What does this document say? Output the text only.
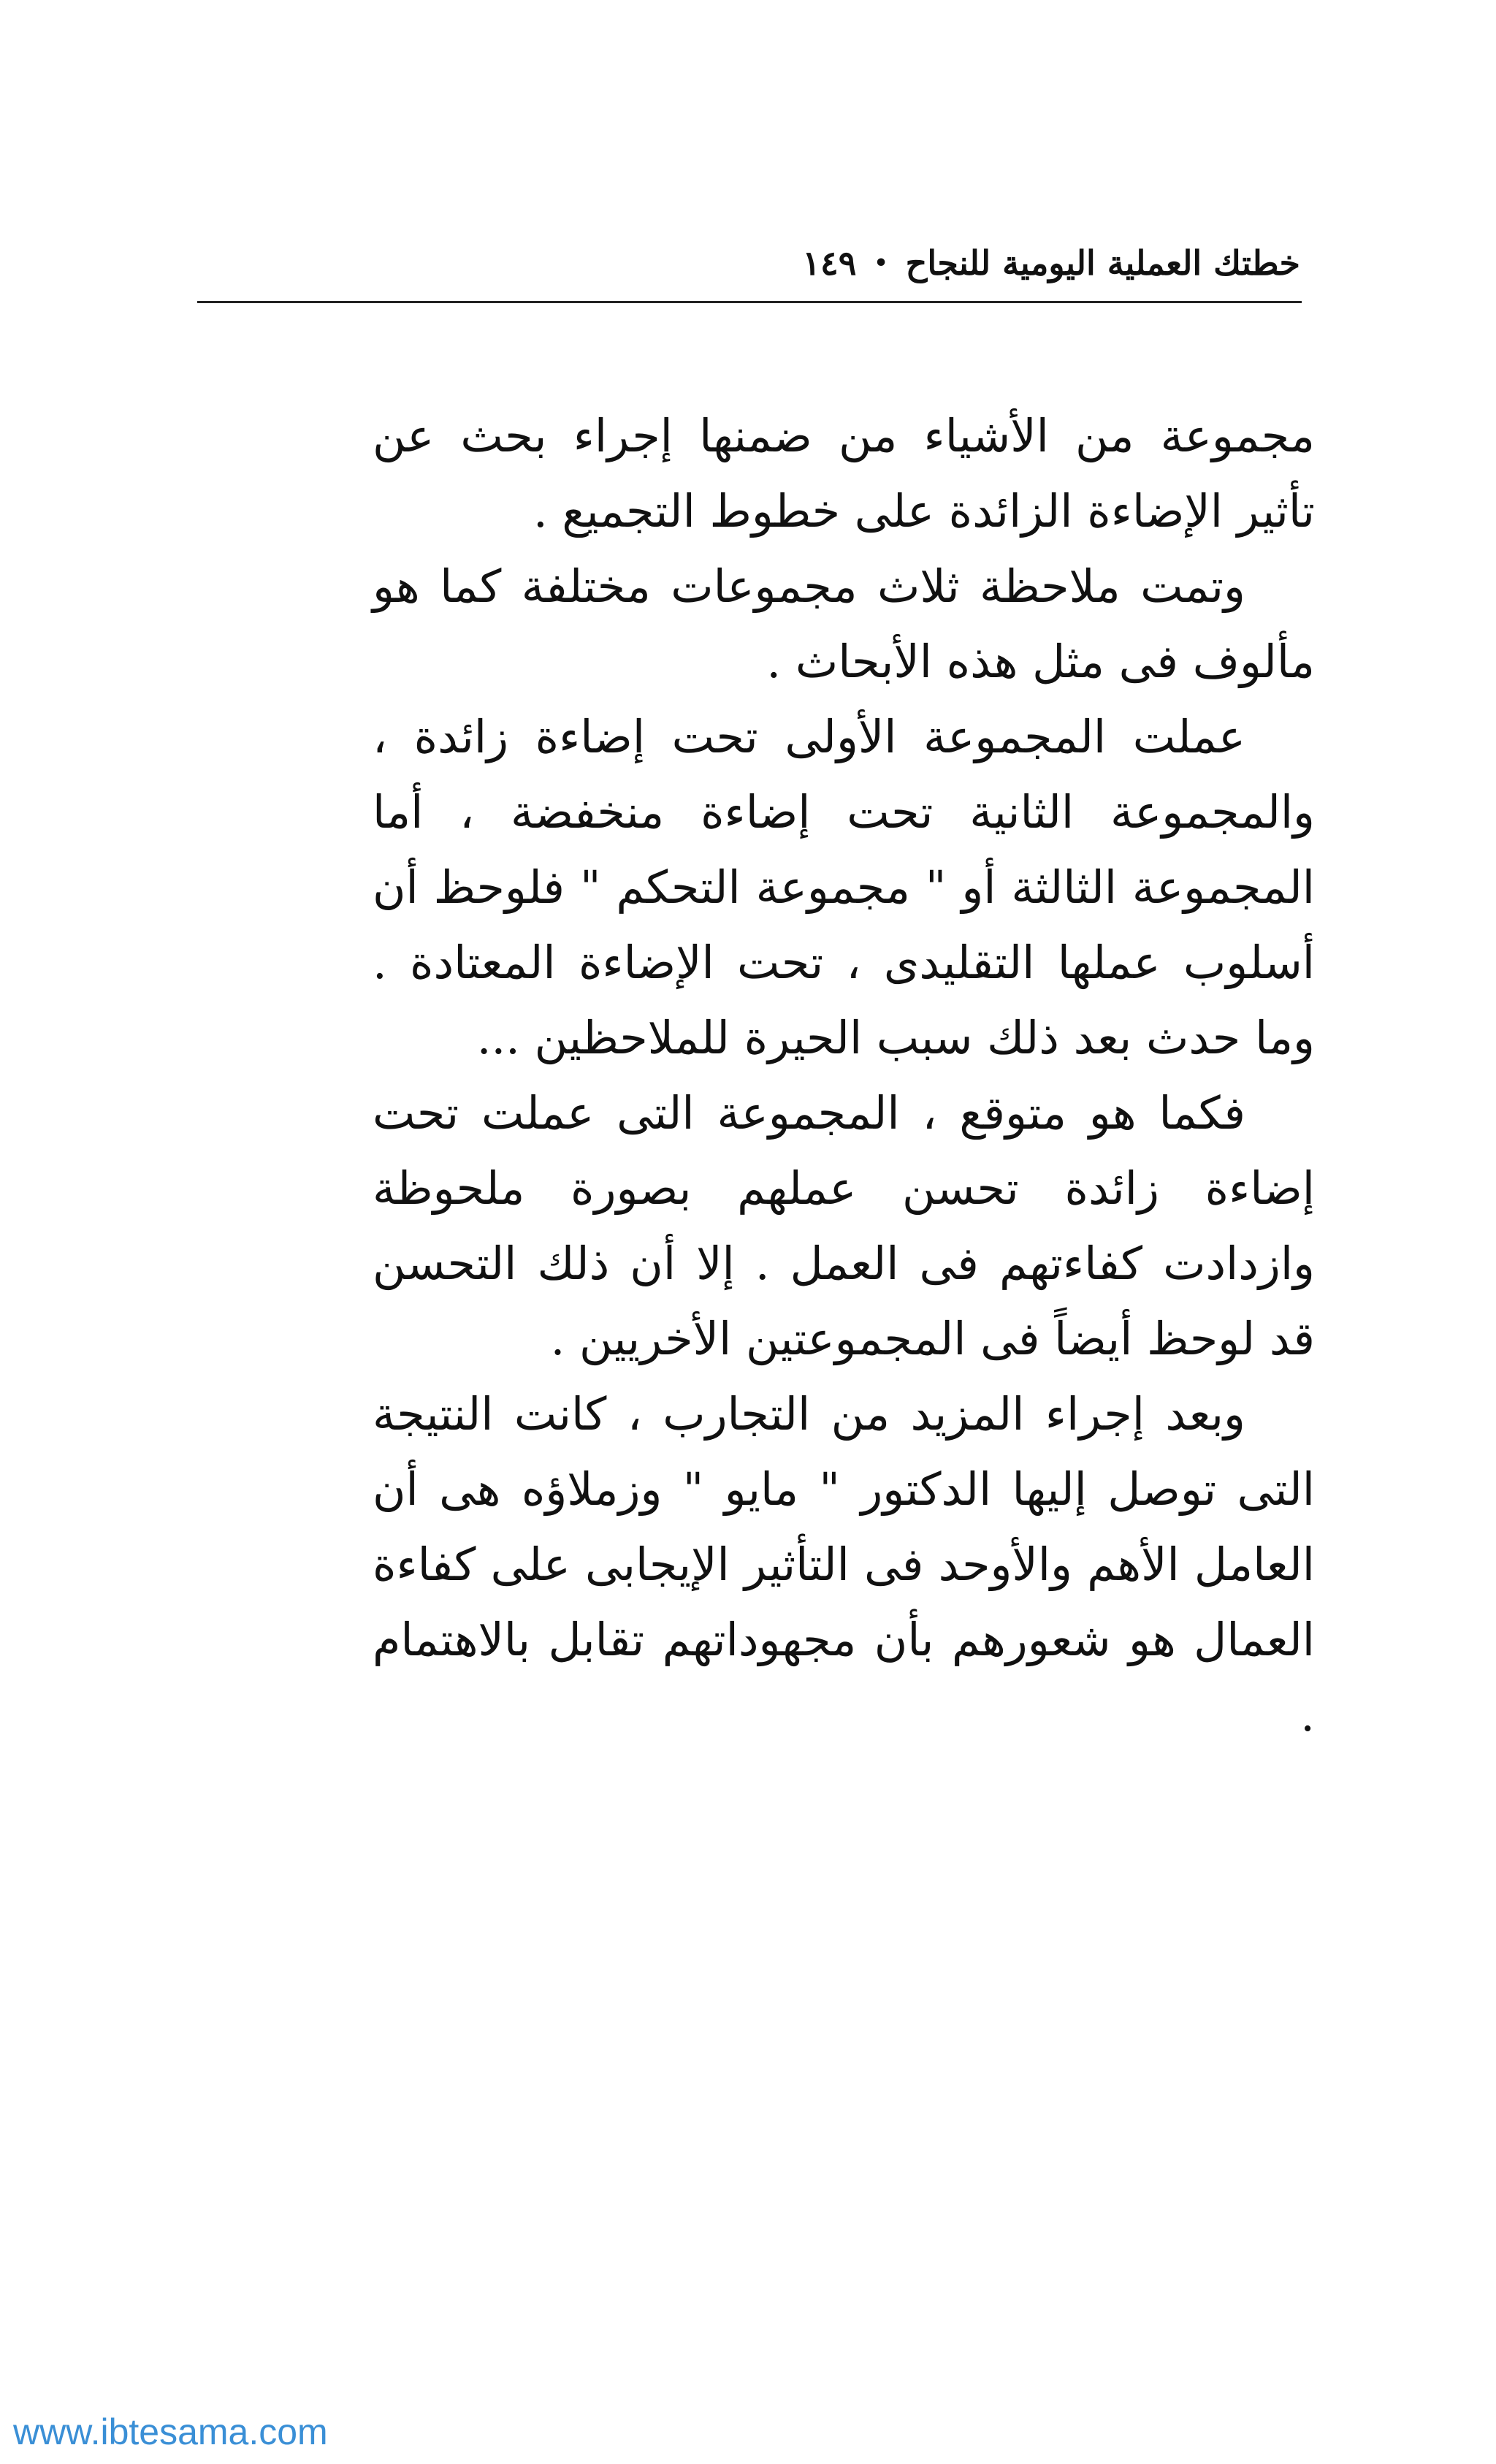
خطتك العملية اليومية للنجاح
•
١٤٩

مجموعة من الأشياء من ضمنها إجراء بحث عن تأثير الإضاءة الزائدة على خطوط التجميع .

وتمت ملاحظة ثلاث مجموعات مختلفة كما هو مألوف فى مثل هذه الأبحاث .

عملت المجموعة الأولى تحت إضاءة زائدة ، والمجموعة الثانية تحت إضاءة منخفضة ، أما المجموعة الثالثة أو " مجموعة التحكم " فلوحظ أن أسلوب عملها التقليدى ، تحت الإضاءة المعتادة . وما حدث بعد ذلك سبب الحيرة للملاحظين ...

فكما هو متوقع ، المجموعة التى عملت تحت إضاءة زائدة تحسن عملهم بصورة ملحوظة وازدادت كفاءتهم فى العمل . إلا أن ذلك التحسن قد لوحظ أيضاً فى المجموعتين الأخريين .

وبعد إجراء المزيد من التجارب ، كانت النتيجة التى توصل إليها الدكتور " مايو " وزملاؤه هى أن العامل الأهم والأوحد فى التأثير الإيجابى على كفاءة العمال هو شعورهم بأن مجهوداتهم تقابل بالاهتمام .

www.ibtesama.com
